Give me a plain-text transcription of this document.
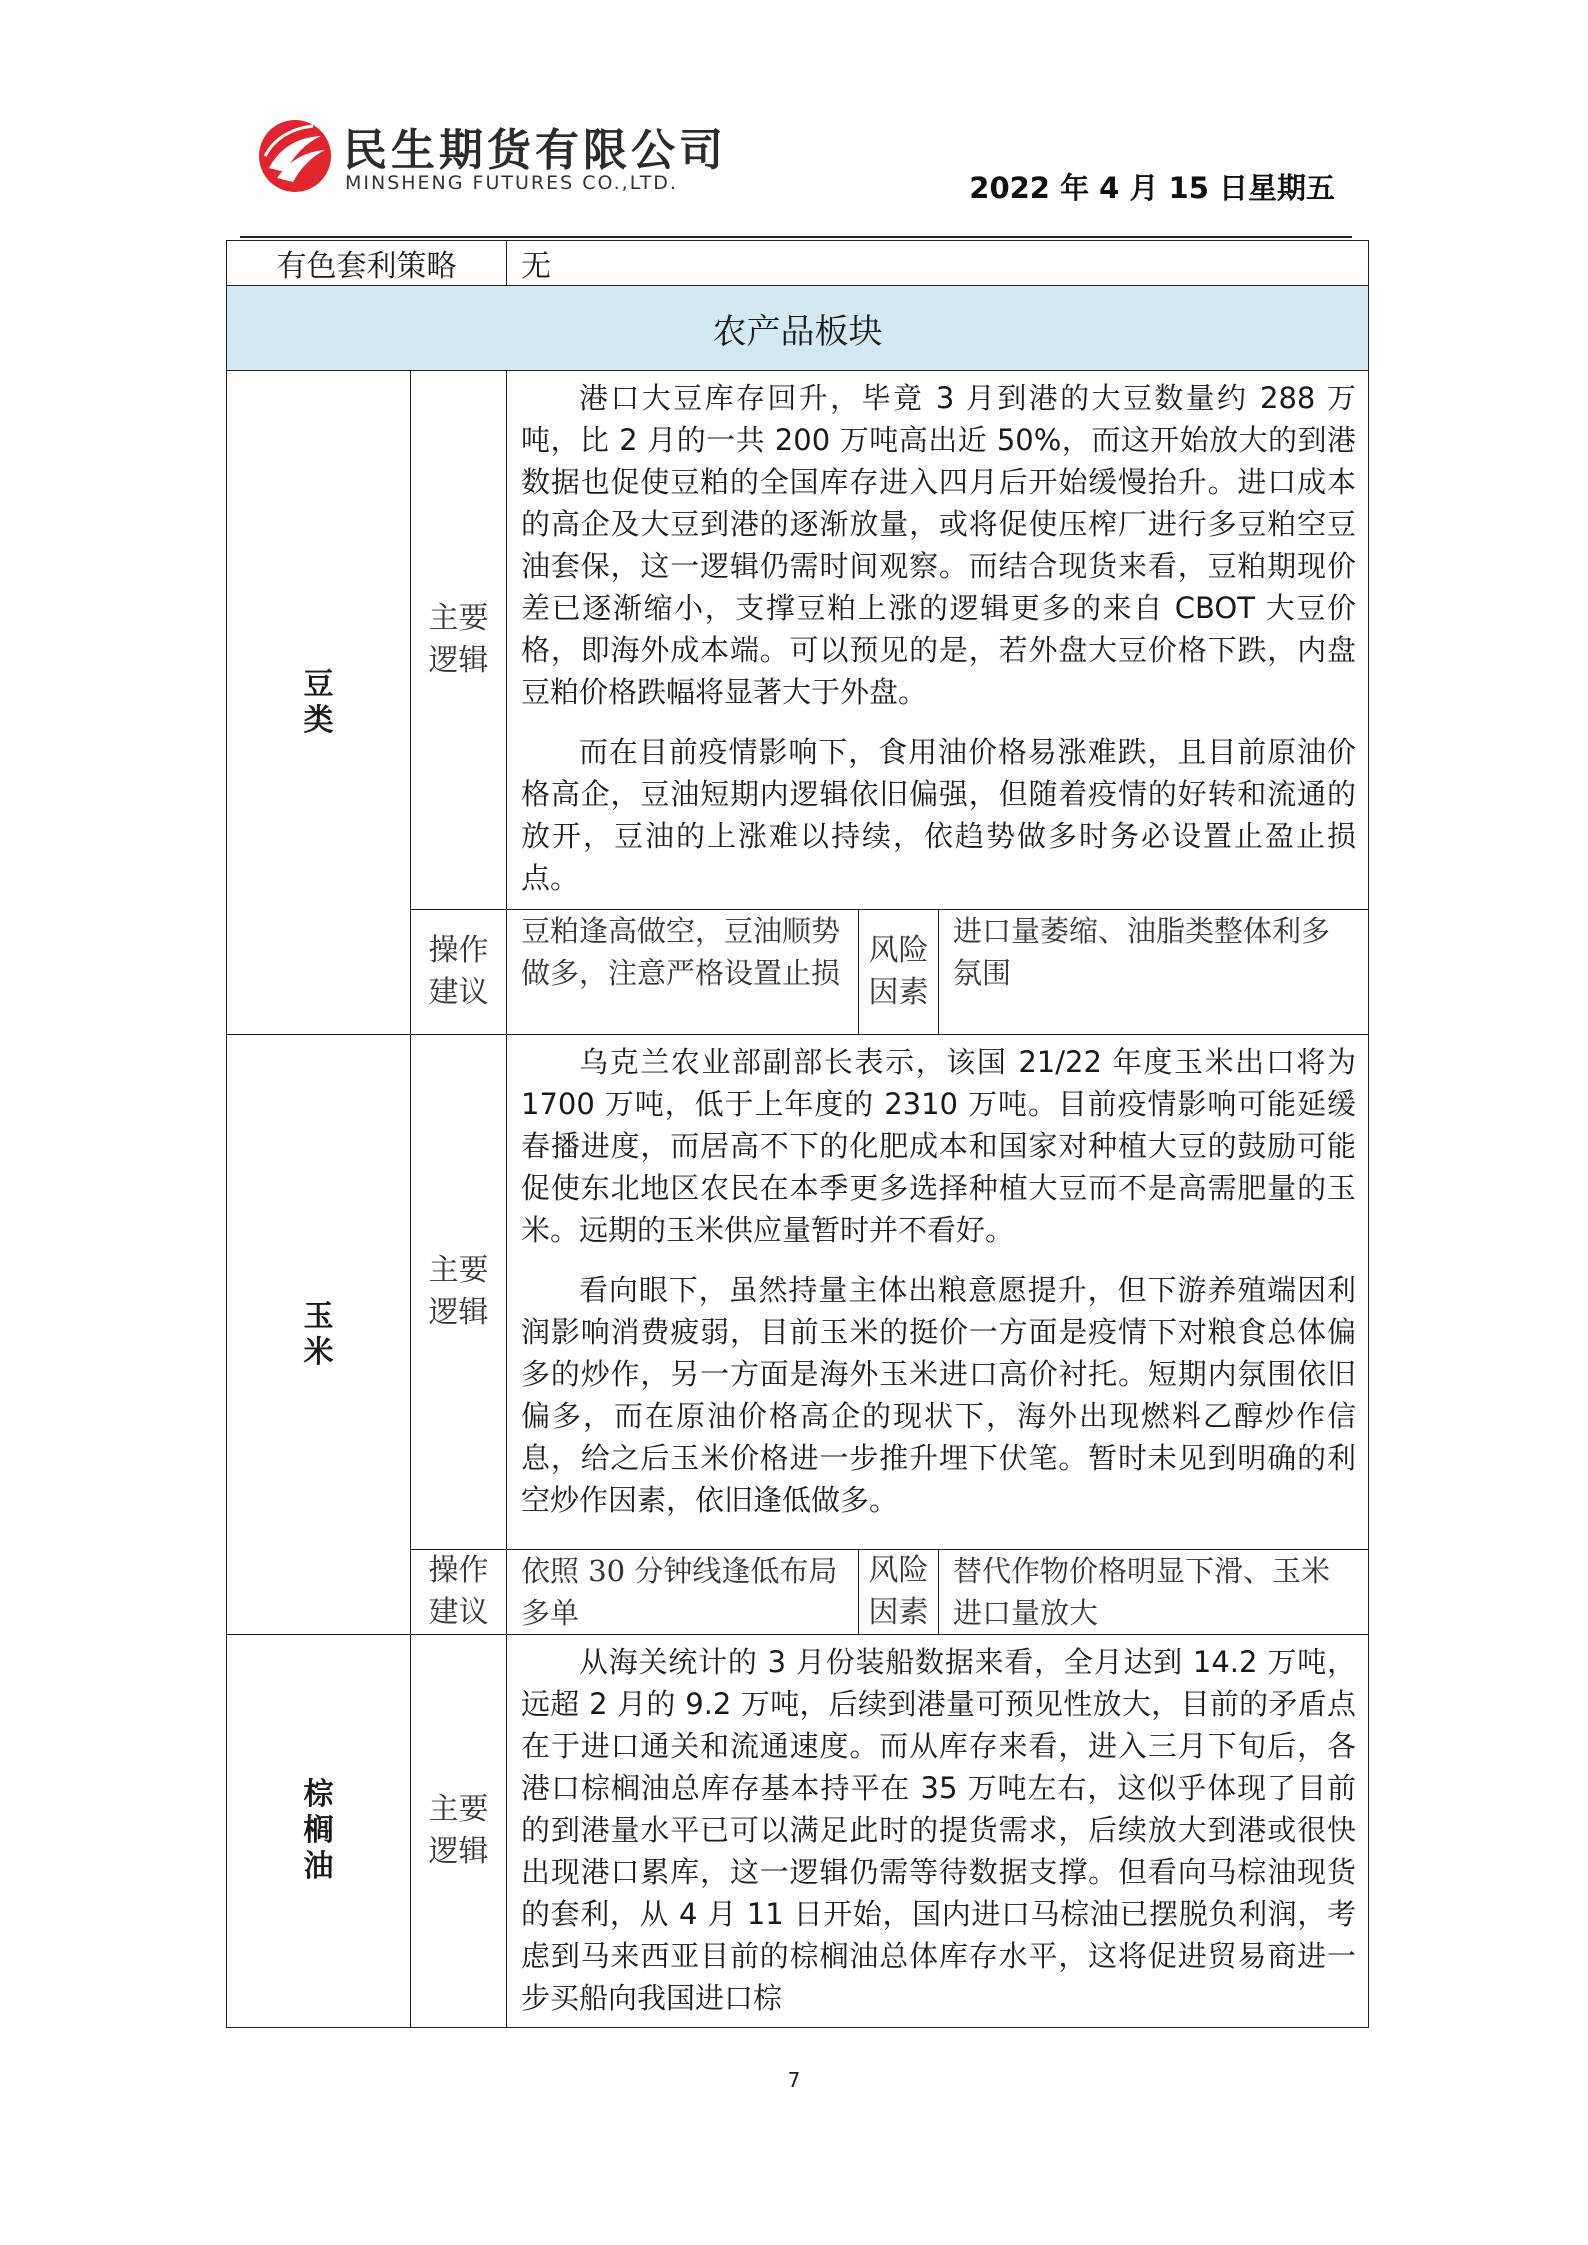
民生期货有限公司
MINSHENG FUTURES CO.,LTD.	2022 年 4 月 15 日星期五
有色套利策略		无		
农产品板块				
豆类	主要逻辑	港口大豆库存回升，毕竟 3 月到港的大豆数量约 288 万吨，比 2 月的一共 200 万吨高出近 50%，而这开始放大的到港数据也促使豆粕的全国库存进入四月后开始缓慢抬升。进口成本的高企及大豆到港的逐渐放量，或将促使压榨厂进行多豆粕空豆油套保，这一逻辑仍需时间观察。而结合现货来看，豆粕期现价差已逐渐缩小，支撑豆粕上涨的逻辑更多的来自 CBOT 大豆价格，即海外成本端。可以预见的是，若外盘大豆价格下跌，内盘豆粕价格跌幅将显著大于外盘。

而在目前疫情影响下，食用油价格易涨难跌，且目前原油价格高企，豆油短期内逻辑依旧偏强，但随着疫情的好转和流通的放开，豆油的上涨难以持续，依趋势做多时务必设置止盈止损点。		

	操作建议	豆粕逢高做空，豆油顺势做多，注意严格设置止损	风险因素	进口量萎缩、油脂类整体利多氛围
玉米	主要逻辑	乌克兰农业部副部长表示，该国 21/22 年度玉米出口将为 1700 万吨，低于上年度的 2310 万吨。目前疫情影响可能延缓春播进度，而居高不下的化肥成本和国家对种植大豆的鼓励可能促使东北地区农民在本季更多选择种植大豆而不是高需肥量的玉米。远期的玉米供应量暂时并不看好。

看向眼下，虽然持量主体出粮意愿提升，但下游养殖端因利润影响消费疲弱，目前玉米的挺价一方面是疫情下对粮食总体偏多的炒作，另一方面是海外玉米进口高价衬托。短期内氛围依旧偏多，而在原油价格高企的现状下，海外出现燃料乙醇炒作信息，给之后玉米价格进一步推升埋下伏笔。暂时未见到明确的利空炒作因素，依旧逢低做多。		

	操作建议	依照 30 分钟线逢低布局多单	风险因素	替代作物价格明显下滑、玉米进口量放大
棕榈油	主要逻辑	从海关统计的 3 月份装船数据来看，全月达到 14.2 万吨，远超 2 月的 9.2 万吨，后续到港量可预见性放大，目前的矛盾点在于进口通关和流通速度。而从库存来看，进入三月下旬后，各港口棕榈油总库存基本持平在 35 万吨左右，这似乎体现了目前的到港量水平已可以满足此时的提货需求，后续放大到港或很快出现港口累库，这一逻辑仍需等待数据支撑。但看向马棕油现货的套利，从 4 月 11 日开始，国内进口马棕油已摆脱负利润，考虑到马来西亚目前的棕榈油总体库存水平，这将促进贸易商进一步买船向我国进口棕		

7
